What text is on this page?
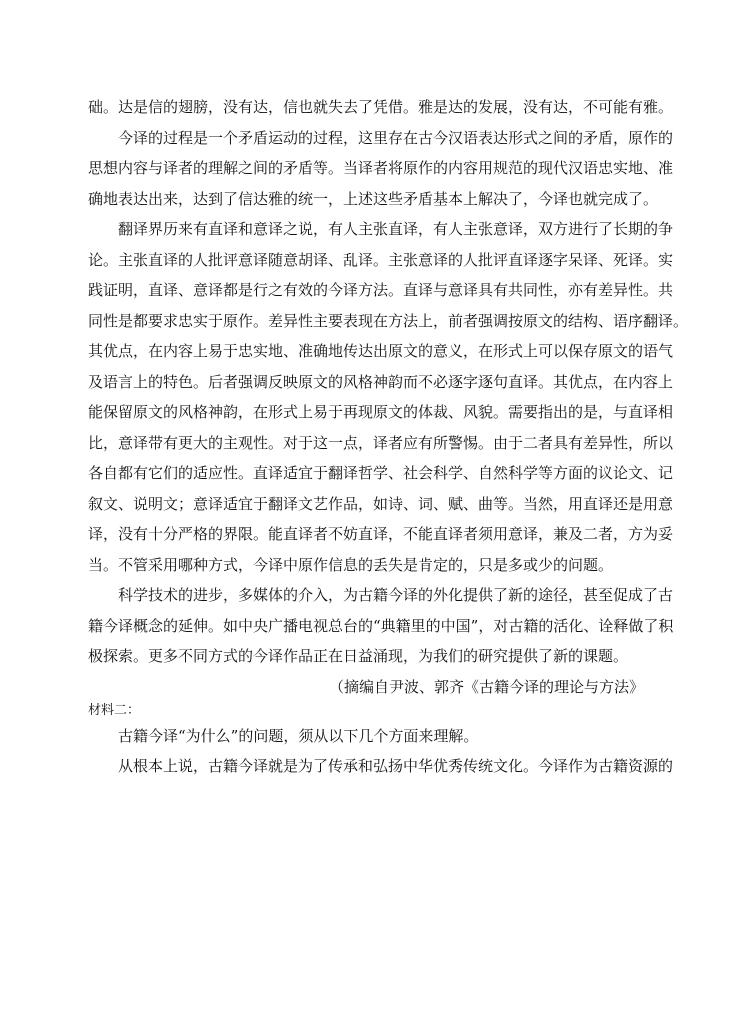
础。达是信的翅膀，没有达，信也就失去了凭借。雅是达的发展，没有达，不可能有雅。
今译的过程是一个矛盾运动的过程，这里存在古今汉语表达形式之间的矛盾，原作的
思想内容与译者的理解之间的矛盾等。当译者将原作的内容用规范的现代汉语忠实地、准
确地表达出来，达到了信达雅的统一，上述这些矛盾基本上解决了，今译也就完成了。
翻译界历来有直译和意译之说，有人主张直译，有人主张意译，双方进行了长期的争
论。主张直译的人批评意译随意胡译、乱译。主张意译的人批评直译逐字呆译、死译。实
践证明，直译、意译都是行之有效的今译方法。直译与意译具有共同性，亦有差异性。共
同性是都要求忠实于原作。差异性主要表现在方法上，前者强调按原文的结构、语序翻译。
其优点，在内容上易于忠实地、准确地传达出原文的意义，在形式上可以保存原文的语气
及语言上的特色。后者强调反映原文的风格神韵而不必逐字逐句直译。其优点，在内容上
能保留原文的风格神韵，在形式上易于再现原文的体裁、风貌。需要指出的是，与直译相
比，意译带有更大的主观性。对于这一点，译者应有所警惕。由于二者具有差异性，所以
各自都有它们的适应性。直译适宜于翻译哲学、社会科学、自然科学等方面的议论文、记
叙文、说明文；意译适宜于翻译文艺作品，如诗、词、赋、曲等。当然，用直译还是用意
译，没有十分严格的界限。能直译者不妨直译，不能直译者须用意译，兼及二者，方为妥
当。不管采用哪种方式，今译中原作信息的丢失是肯定的，只是多或少的问题。
科学技术的进步，多媒体的介入，为古籍今译的外化提供了新的途径，甚至促成了古
籍今译概念的延伸。如中央广播电视总台的“典籍里的中国”，对古籍的活化、诠释做了积
极探索。更多不同方式的今译作品正在日益涌现，为我们的研究提供了新的课题。
（摘编自尹波、郭齐《古籍今译的理论与方法》
材料二：
古籍今译“为什么”的问题，须从以下几个方面来理解。
从根本上说，古籍今译就是为了传承和弘扬中华优秀传统文化。今译作为古籍资源的
